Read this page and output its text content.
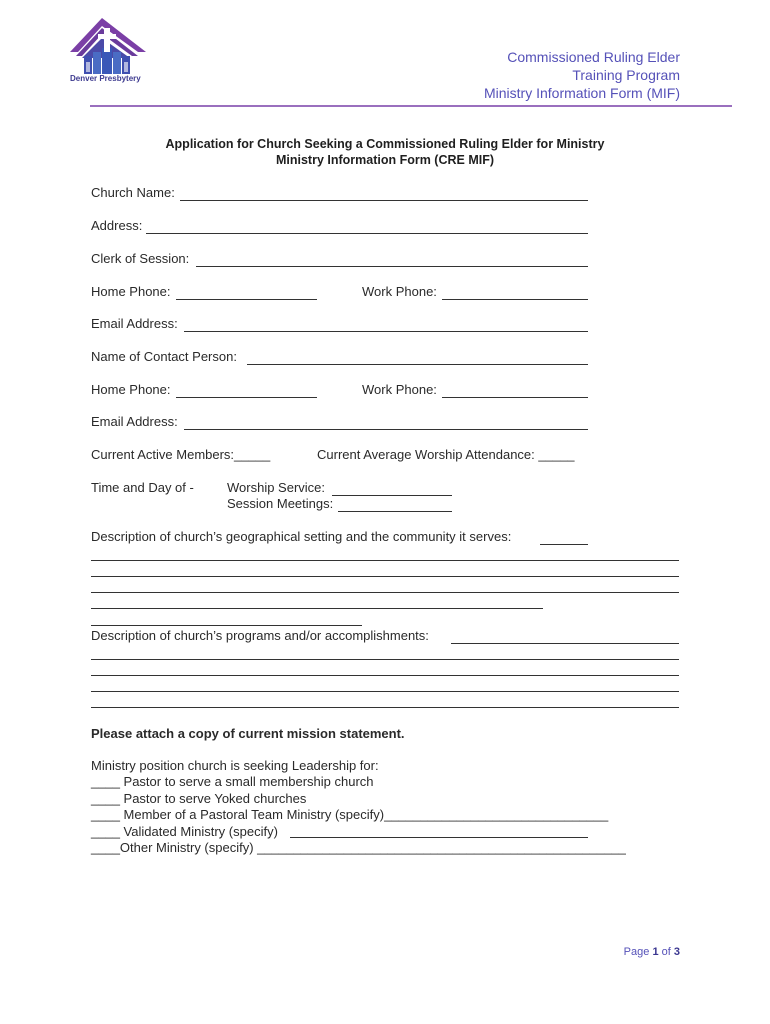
Denver Presbytery
Commissioned Ruling Elder
Training Program
Ministry Information Form (MIF)
Application for Church Seeking a Commissioned Ruling Elder for Ministry
Ministry Information Form (CRE MIF)
Church Name:
Address:
Clerk of Session:
Home Phone:	Work Phone:
Email Address:
Name of Contact Person:
Home Phone:	Work Phone:
Email Address:
Current Active Members:_____	Current Average Worship Attendance: _____
Time and Day of -	Worship Service:
Session Meetings:
Description of church’s geographical setting and the community it serves:
Description of church’s programs and/or accomplishments:
Please attach a copy of current mission statement.
Ministry position church is seeking Leadership for:
____ Pastor to serve a small membership church
____ Pastor to serve Yoked churches
____ Member of a Pastoral Team Ministry (specify)_______________________________
____ Validated Ministry (specify)
____Other Ministry (specify) ___________________________________________________
Page 1 of 3
